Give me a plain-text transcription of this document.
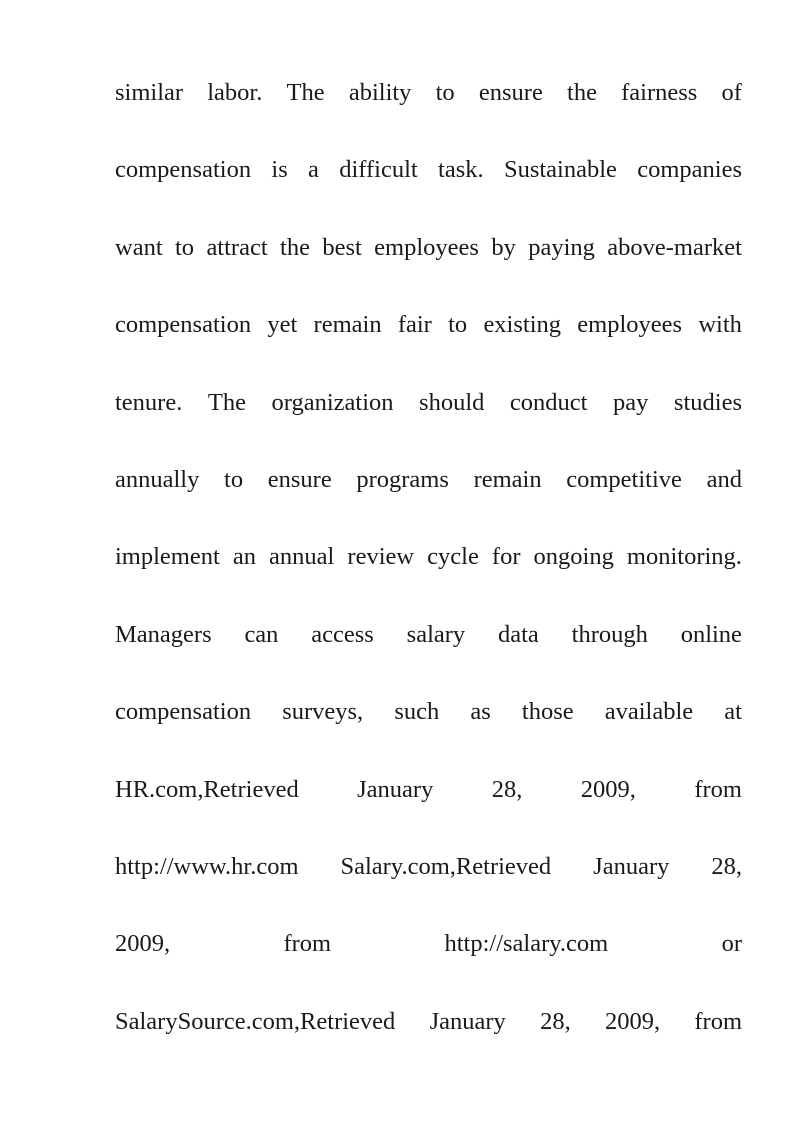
similar labor. The ability to ensure the fairness of
compensation is a difficult task. Sustainable companies
want to attract the best employees by paying above-market
compensation yet remain fair to existing employees with
tenure. The organization should conduct pay studies
annually to ensure programs remain competitive and
implement an annual review cycle for ongoing monitoring.
Managers can access salary data through online
compensation surveys, such as those available at
HR.com,Retrieved January 28, 2009, from
http://www.hr.com Salary.com,Retrieved January 28,
2009,	from	http://salary.com	or
SalarySource.com,Retrieved January 28, 2009, from
